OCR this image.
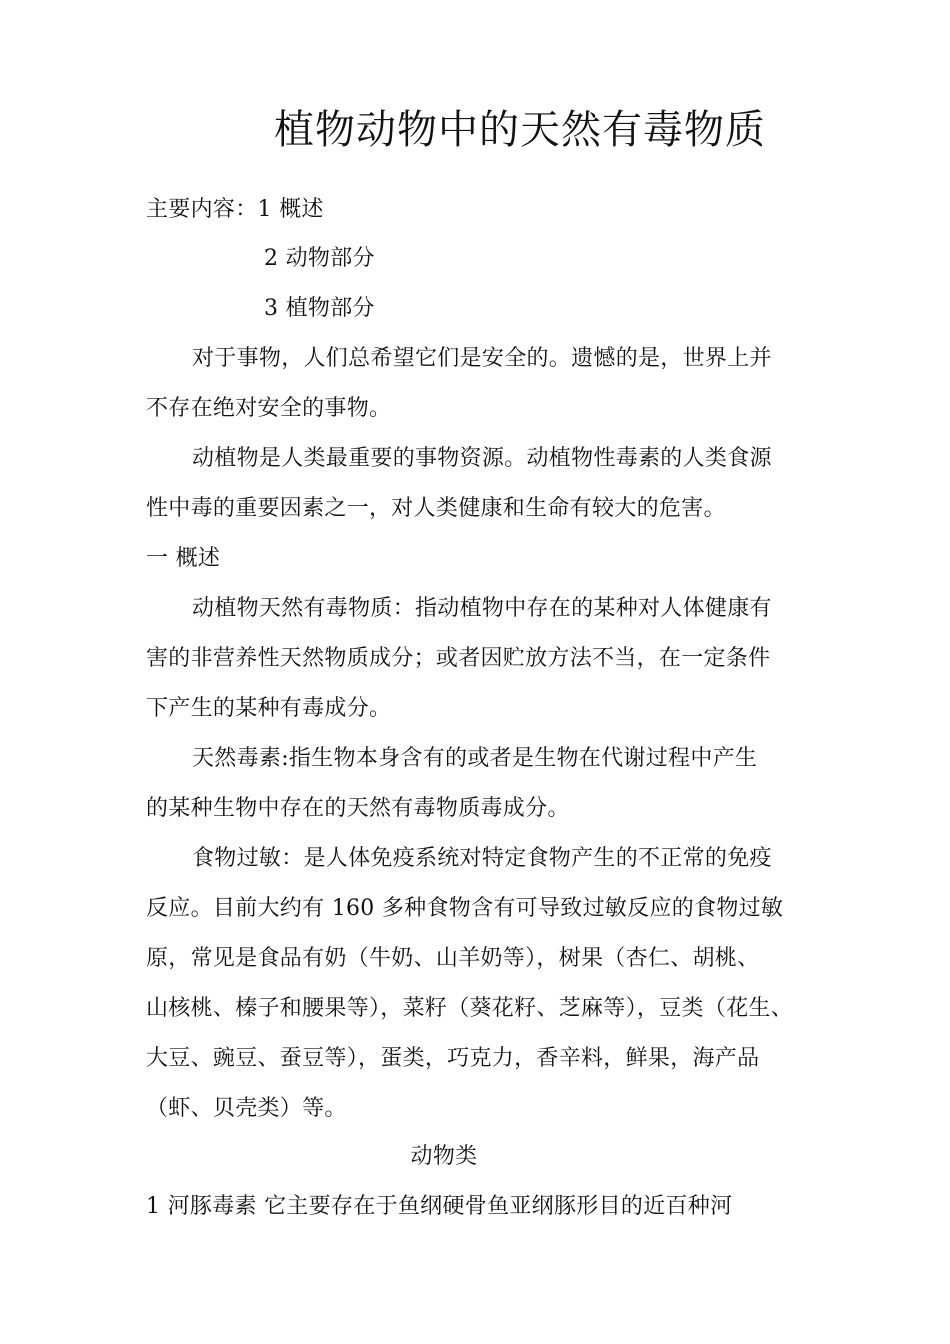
植物动物中的天然有毒物质
主要内容：1 概述
2 动物部分
3 植物部分
对于事物，人们总希望它们是安全的。遗憾的是，世界上并
不存在绝对安全的事物。
动植物是人类最重要的事物资源。动植物性毒素的人类食源
性中毒的重要因素之一，对人类健康和生命有较大的危害。
一 概述
动植物天然有毒物质：指动植物中存在的某种对人体健康有
害的非营养性天然物质成分；或者因贮放方法不当，在一定条件
下产生的某种有毒成分。
天然毒素:指生物本身含有的或者是生物在代谢过程中产生
的某种生物中存在的天然有毒物质毒成分。
食物过敏：是人体免疫系统对特定食物产生的不正常的免疫
反应。目前大约有 160 多种食物含有可导致过敏反应的食物过敏
原，常见是食品有奶（牛奶、山羊奶等），树果（杏仁、胡桃、
山核桃、榛子和腰果等），菜籽（葵花籽、芝麻等），豆类（花生、
大豆、豌豆、蚕豆等），蛋类，巧克力，香辛料，鲜果，海产品
（虾、贝壳类）等。
动物类
1 河豚毒素 它主要存在于鱼纲硬骨鱼亚纲豚形目的近百种河
